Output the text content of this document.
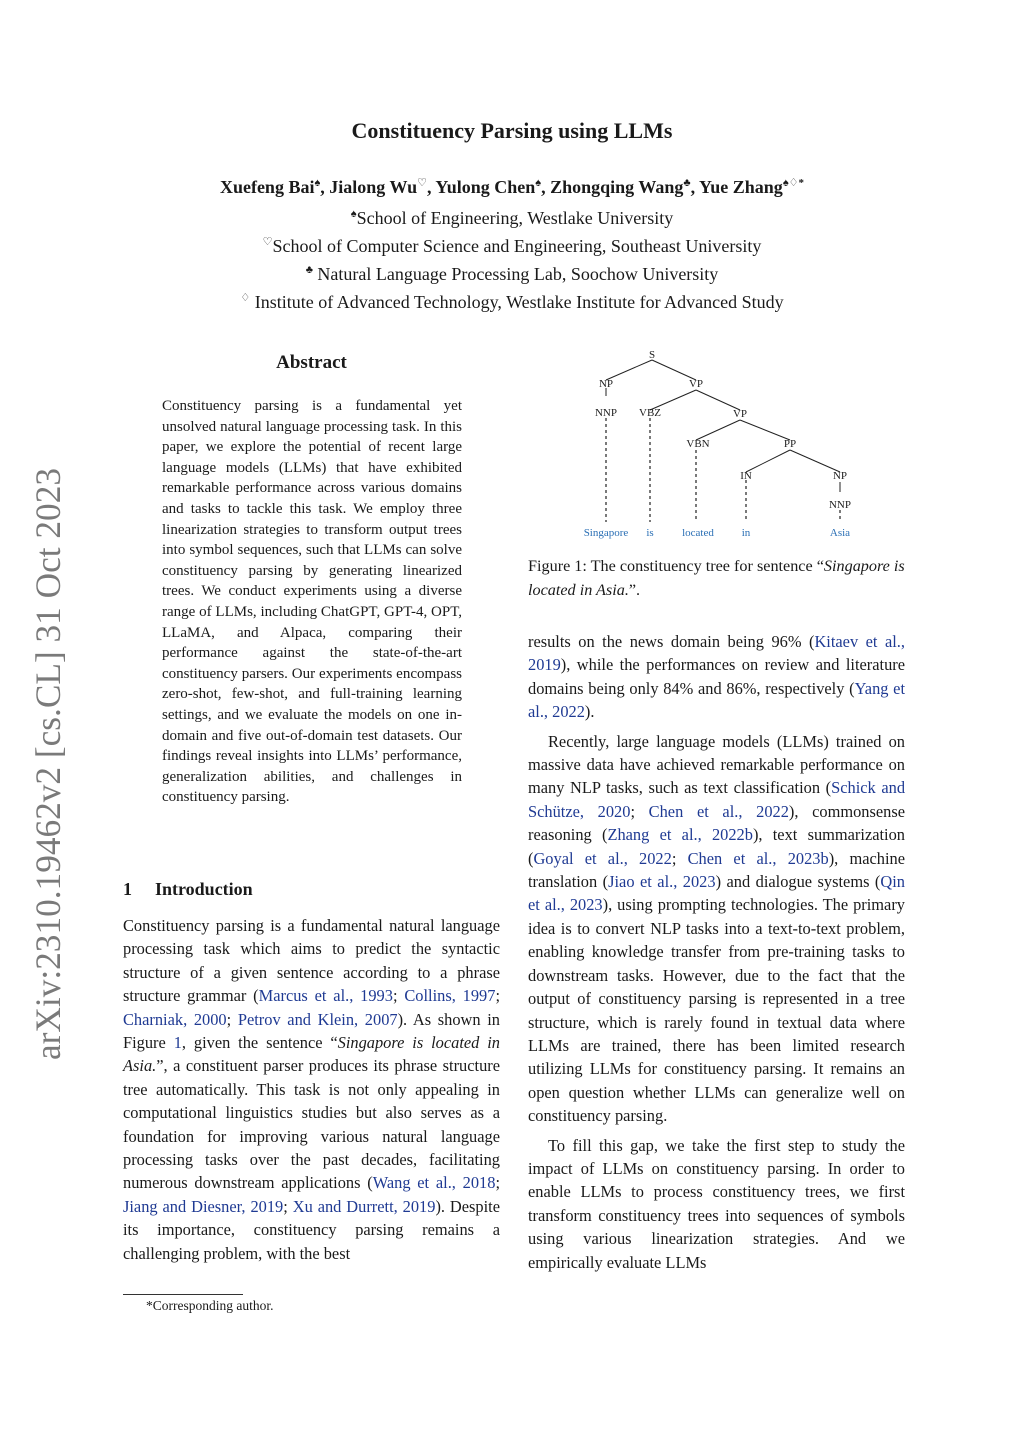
arXiv:2310.19462v2 [cs.CL] 31 Oct 2023
Constituency Parsing using LLMs
Xuefeng Bai♠, Jialong Wu♡, Yulong Chen♠, Zhongqing Wang♣, Yue Zhang♠♢*
♠School of Engineering, Westlake University
♡School of Computer Science and Engineering, Southeast University
♣ Natural Language Processing Lab, Soochow University
♢ Institute of Advanced Technology, Westlake Institute for Advanced Study
Abstract
Constituency parsing is a fundamental yet unsolved natural language processing task. In this paper, we explore the potential of recent large language models (LLMs) that have exhibited remarkable performance across various domains and tasks to tackle this task. We employ three linearization strategies to transform output trees into symbol sequences, such that LLMs can solve constituency parsing by generating linearized trees. We conduct experiments using a diverse range of LLMs, including ChatGPT, GPT-4, OPT, LLaMA, and Alpaca, comparing their performance against the state-of-the-art constituency parsers. Our experiments encompass zero-shot, few-shot, and full-training learning settings, and we evaluate the models on one in-domain and five out-of-domain test datasets. Our findings reveal insights into LLMs’ performance, generalization abilities, and challenges in constituency parsing.
1 Introduction

Constituency parsing is a fundamental natural language processing task which aims to predict the syntactic structure of a given sentence according to a phrase structure grammar (Marcus et al., 1993; Collins, 1997; Charniak, 2000; Petrov and Klein, 2007). As shown in Figure 1, given the sentence “Singapore is located in Asia.”, a constituent parser produces its phrase structure tree automatically. This task is not only appealing in computational linguistics studies but also serves as a foundation for improving various natural language processing tasks over the past decades, facilitating numerous downstream applications (Wang et al., 2018; Jiang and Diesner, 2019; Xu and Durrett, 2019). Despite its importance, constituency parsing remains a challenging problem, with the best

*Corresponding author.
S
NP	VP
NNP VBZ	VP
VBN	PP
IN	NP
NNP
Singapore is	located	in	Asia
Figure 1: The constituency tree for sentence “Singapore is located in Asia.”.

results on the news domain being 96% (Kitaev et al., 2019), while the performances on review and literature domains being only 84% and 86%, respectively (Yang et al., 2022).

Recently, large language models (LLMs) trained on massive data have achieved remarkable performance on many NLP tasks, such as text classification (Schick and Schütze, 2020; Chen et al., 2022), commonsense reasoning (Zhang et al., 2022b), text summarization (Goyal et al., 2022; Chen et al., 2023b), machine translation (Jiao et al., 2023) and dialogue systems (Qin et al., 2023), using prompting technologies. The primary idea is to convert NLP tasks into a text-to-text problem, enabling knowledge transfer from pre-training tasks to downstream tasks. However, due to the fact that the output of constituency parsing is represented in a tree structure, which is rarely found in textual data where LLMs are trained, there has been limited research utilizing LLMs for constituency parsing. It remains an open question whether LLMs can generalize well on constituency parsing.

To fill this gap, we take the first step to study the impact of LLMs on constituency parsing. In order to enable LLMs to process constituency trees, we first transform constituency trees into sequences of symbols using various linearization strategies. And we empirically evaluate LLMs
